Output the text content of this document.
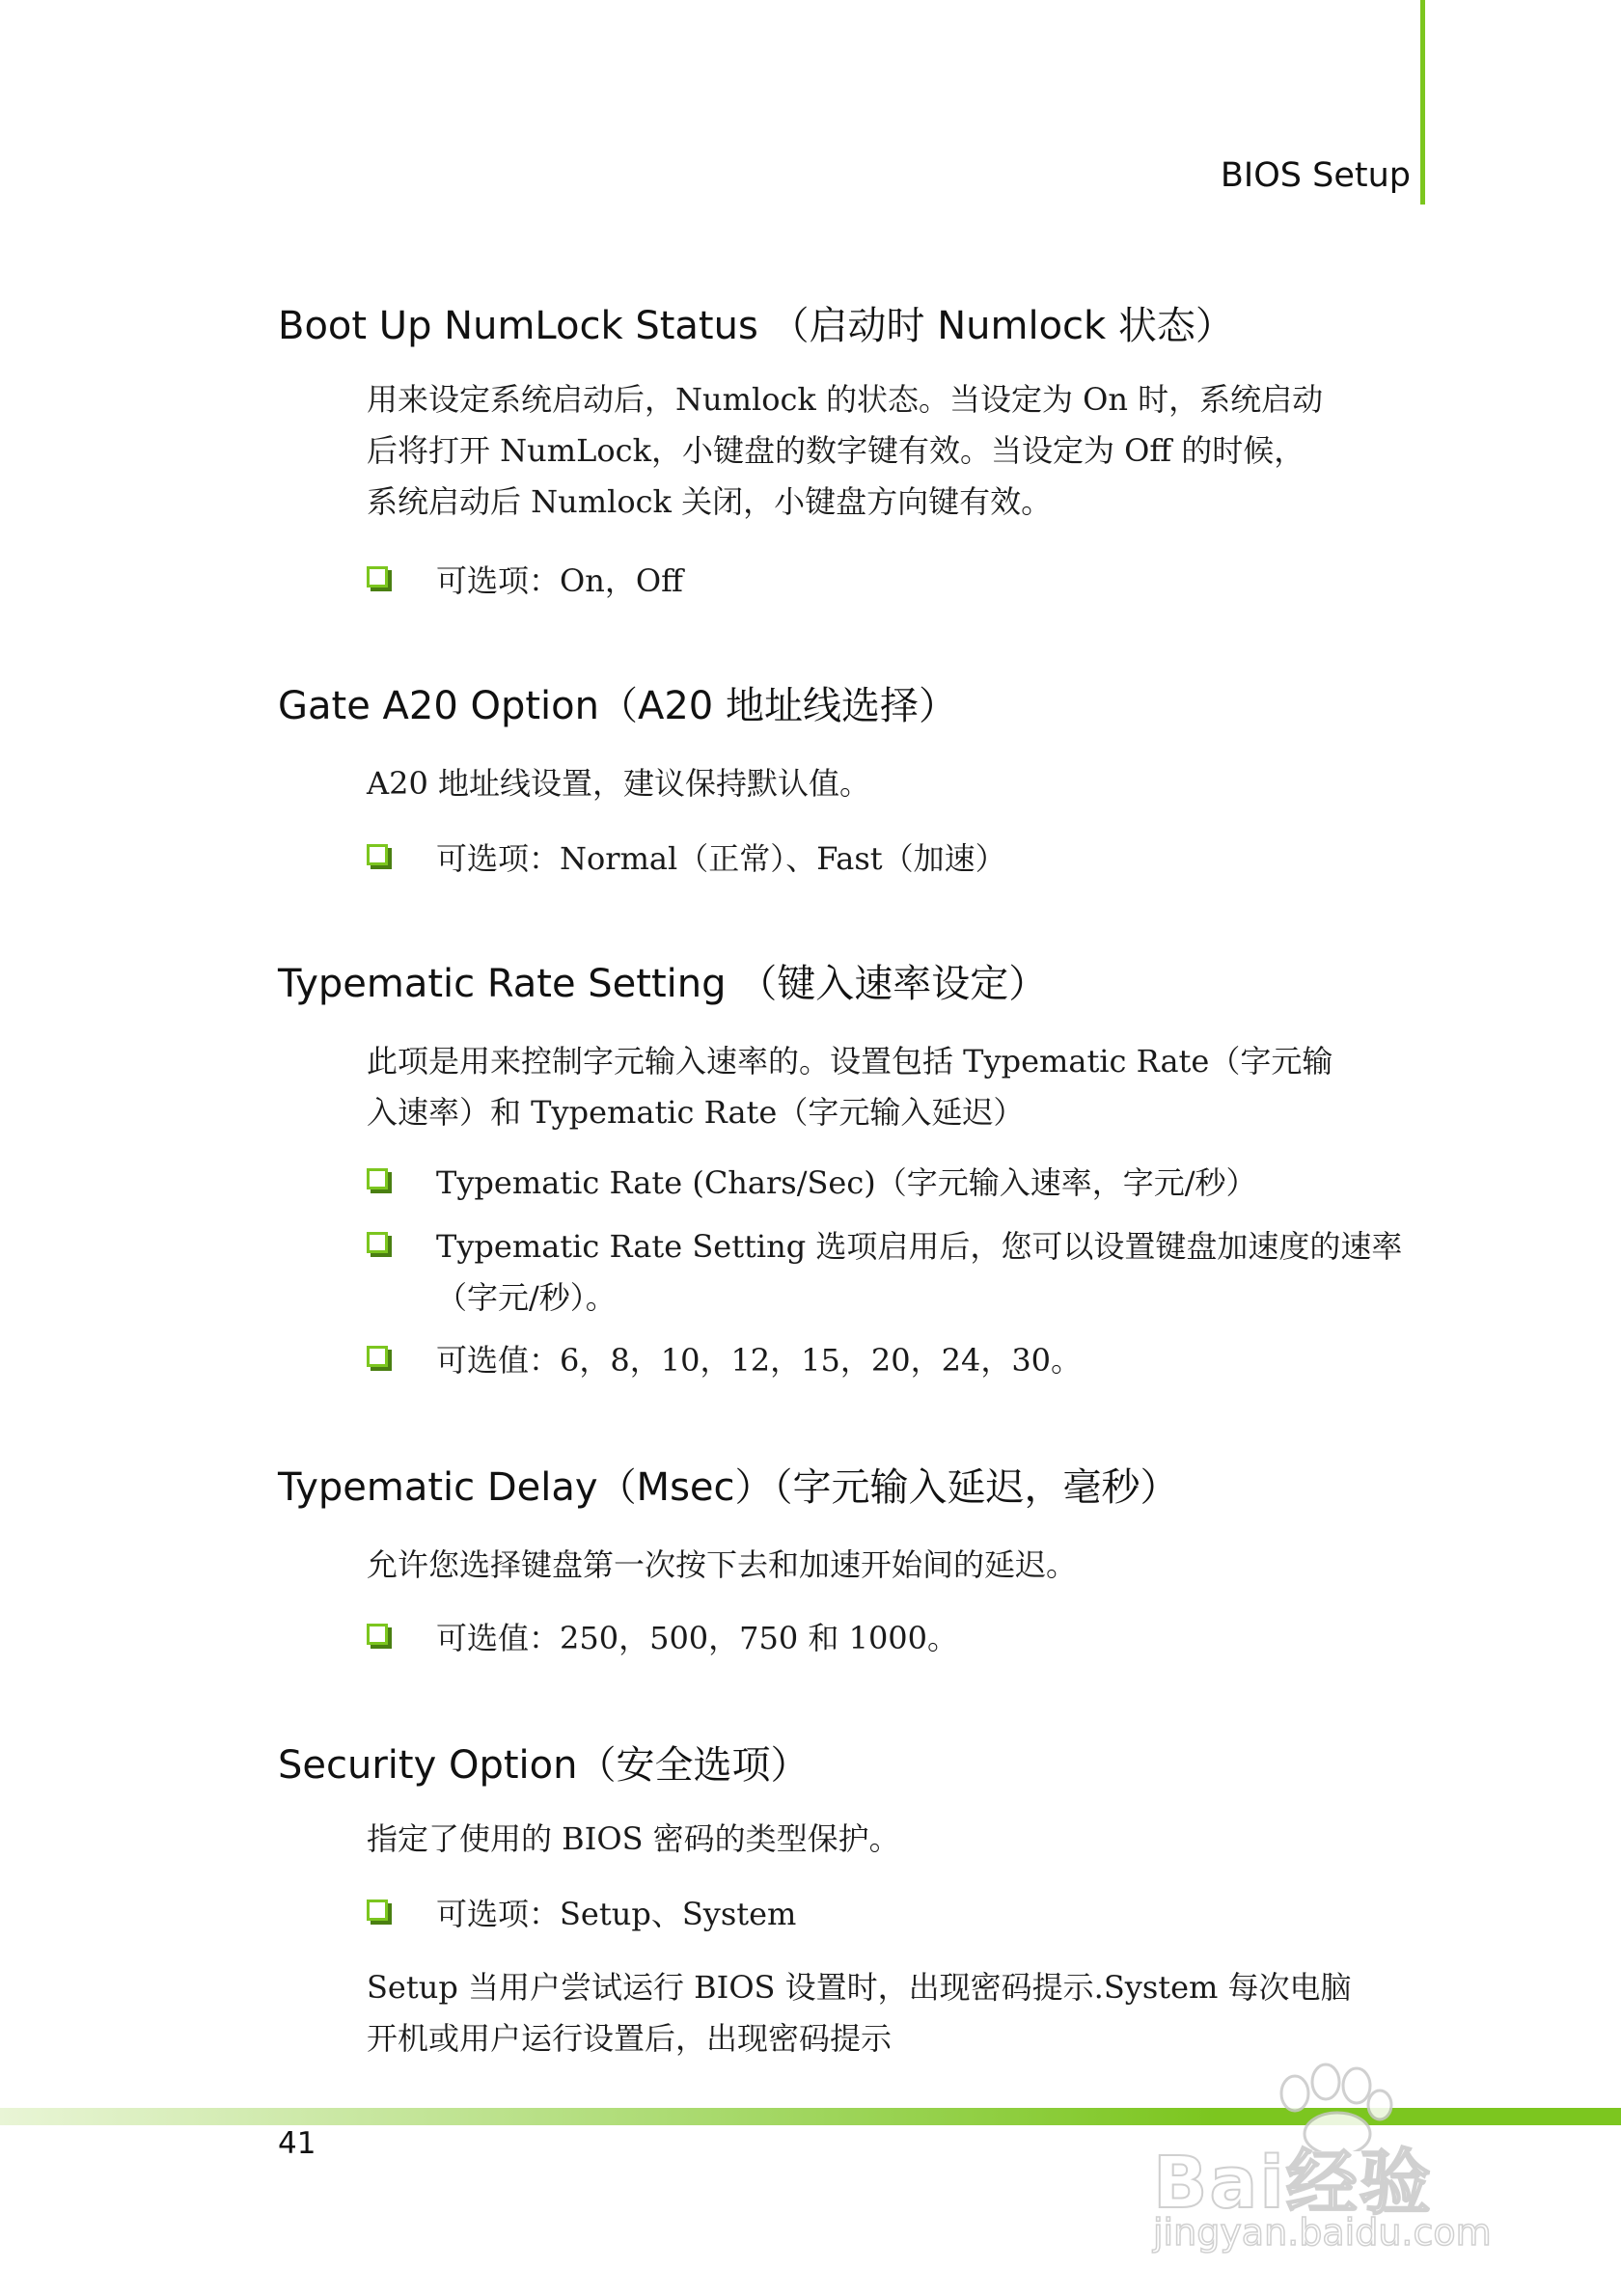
BIOS Setup
Boot Up NumLock Status （启动时 Numlock 状态）
用来设定系统启动后，Numlock 的状态。当设定为 On 时，系统启动
后将打开 NumLock，小键盘的数字键有效。当设定为 Off 的时候，
系统启动后 Numlock 关闭，小键盘方向键有效。
可选项：On，Off
Gate A20 Option（A20 地址线选择）
A20 地址线设置，建议保持默认值。
可选项：Normal（正常）、Fast（加速）
Typematic Rate Setting （键入速率设定）
此项是用来控制字元输入速率的。设置包括 Typematic Rate（字元输
入速率）和 Typematic Rate（字元输入延迟）
Typematic Rate (Chars/Sec)（字元输入速率，字元/秒）
Typematic Rate Setting 选项启用后，您可以设置键盘加速度的速率
（字元/秒）。
可选值：6，8，10，12，15，20，24，30。
Typematic Delay（Msec）（字元输入延迟，毫秒）
允许您选择键盘第一次按下去和加速开始间的延迟。
可选值：250，500，750 和 1000。
Security Option（安全选项）
指定了使用的 BIOS 密码的类型保护。
可选项：Setup、System
Setup 当用户尝试运行 BIOS 设置时，出现密码提示.System 每次电脑
开机或用户运行设置后，出现密码提示
41	Bai经验
jingyan.baidu.com
